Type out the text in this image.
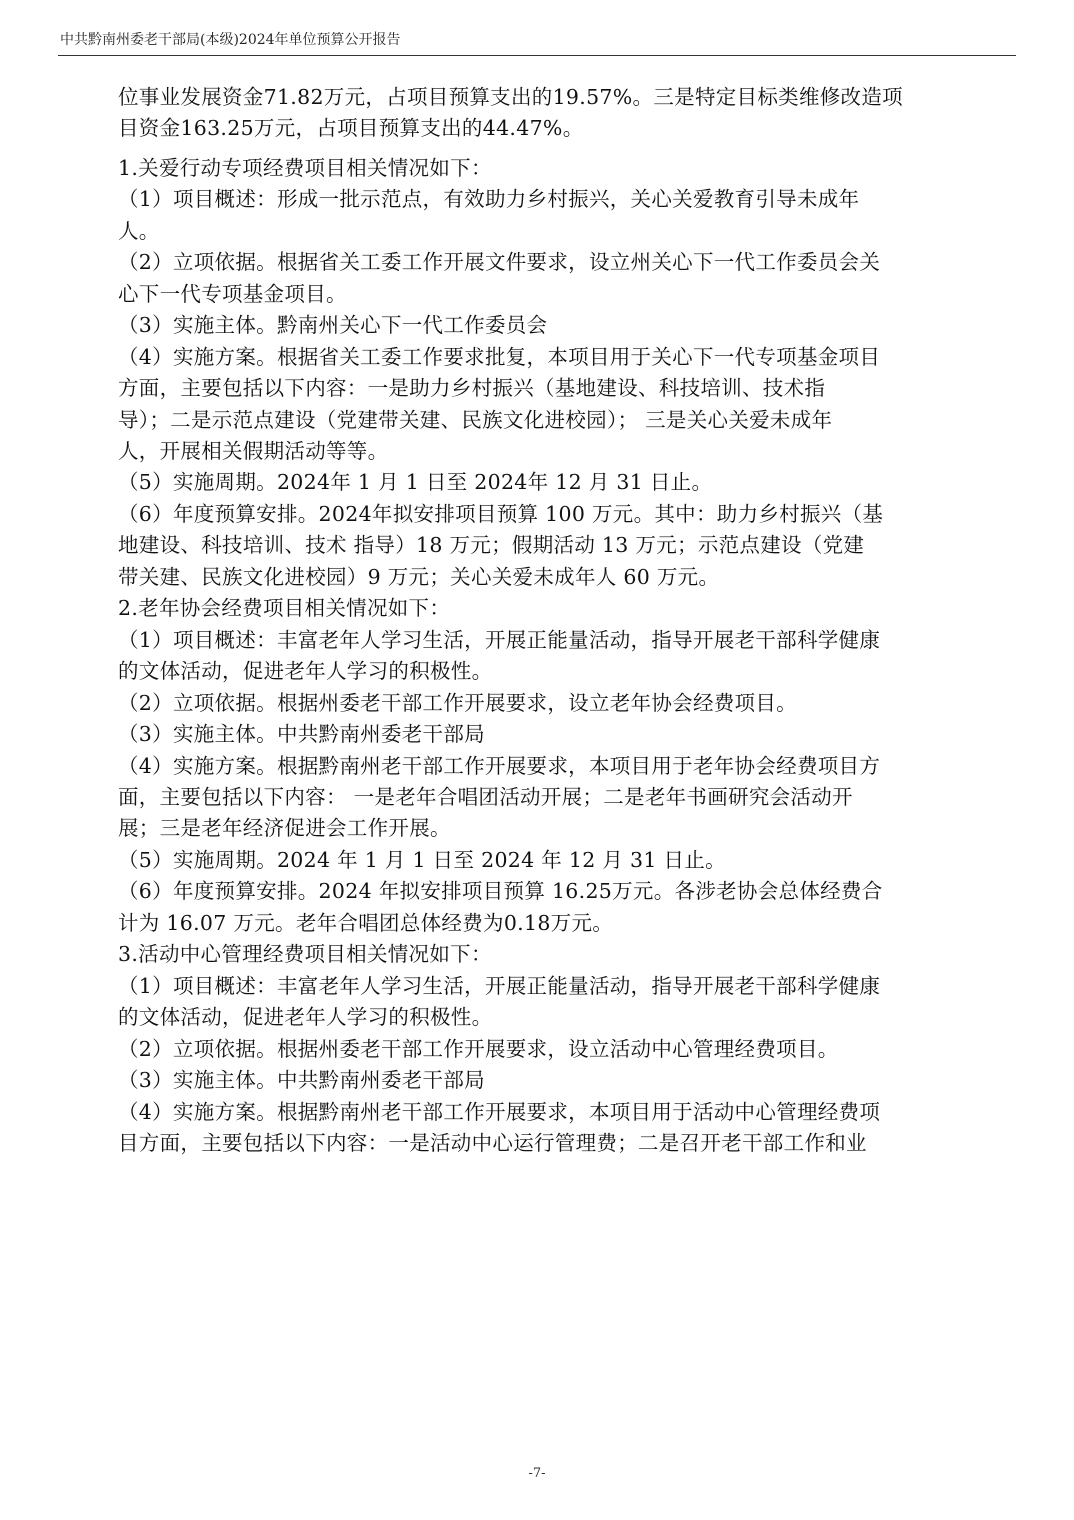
中共黔南州委老干部局(本级)2024年单位预算公开报告
位事业发展资金71.82万元，占项目预算支出的19.57%。三是特定目标类维修改造项
目资金163.25万元，占项目预算支出的44.47%。
1.关爱行动专项经费项目相关情况如下：
（1）项目概述：形成一批示范点，有效助力乡村振兴，关心关爱教育引导未成年
人。
（2）立项依据。根据省关工委工作开展文件要求，设立州关心下一代工作委员会关
心下一代专项基金项目。
（3）实施主体。黔南州关心下一代工作委员会
（4）实施方案。根据省关工委工作要求批复，本项目用于关心下一代专项基金项目
方面，主要包括以下内容：一是助力乡村振兴（基地建设、科技培训、技术指
导）；二是示范点建设（党建带关建、民族文化进校园）； 三是关心关爱未成年
人，开展相关假期活动等等。
（5）实施周期。2024年 1 月 1 日至 2024年 12 月 31 日止。
（6）年度预算安排。2024年拟安排项目预算 100 万元。其中：助力乡村振兴（基
地建设、科技培训、技术 指导）18 万元；假期活动 13 万元；示范点建设（党建
带关建、民族文化进校园）9 万元；关心关爱未成年人 60 万元。
2.老年协会经费项目相关情况如下：
（1）项目概述：丰富老年人学习生活，开展正能量活动，指导开展老干部科学健康
的文体活动，促进老年人学习的积极性。
（2）立项依据。根据州委老干部工作开展要求，设立老年协会经费项目。
（3）实施主体。中共黔南州委老干部局
（4）实施方案。根据黔南州老干部工作开展要求，本项目用于老年协会经费项目方
面，主要包括以下内容： 一是老年合唱团活动开展；二是老年书画研究会活动开
展；三是老年经济促进会工作开展。
（5）实施周期。2024 年 1 月 1 日至 2024 年 12 月 31 日止。
（6）年度预算安排。2024 年拟安排项目预算 16.25万元。各涉老协会总体经费合
计为 16.07 万元。老年合唱团总体经费为0.18万元。
3.活动中心管理经费项目相关情况如下：
（1）项目概述：丰富老年人学习生活，开展正能量活动，指导开展老干部科学健康
的文体活动，促进老年人学习的积极性。
（2）立项依据。根据州委老干部工作开展要求，设立活动中心管理经费项目。
（3）实施主体。中共黔南州委老干部局
（4）实施方案。根据黔南州老干部工作开展要求，本项目用于活动中心管理经费项
目方面，主要包括以下内容：一是活动中心运行管理费；二是召开老干部工作和业
-7-
